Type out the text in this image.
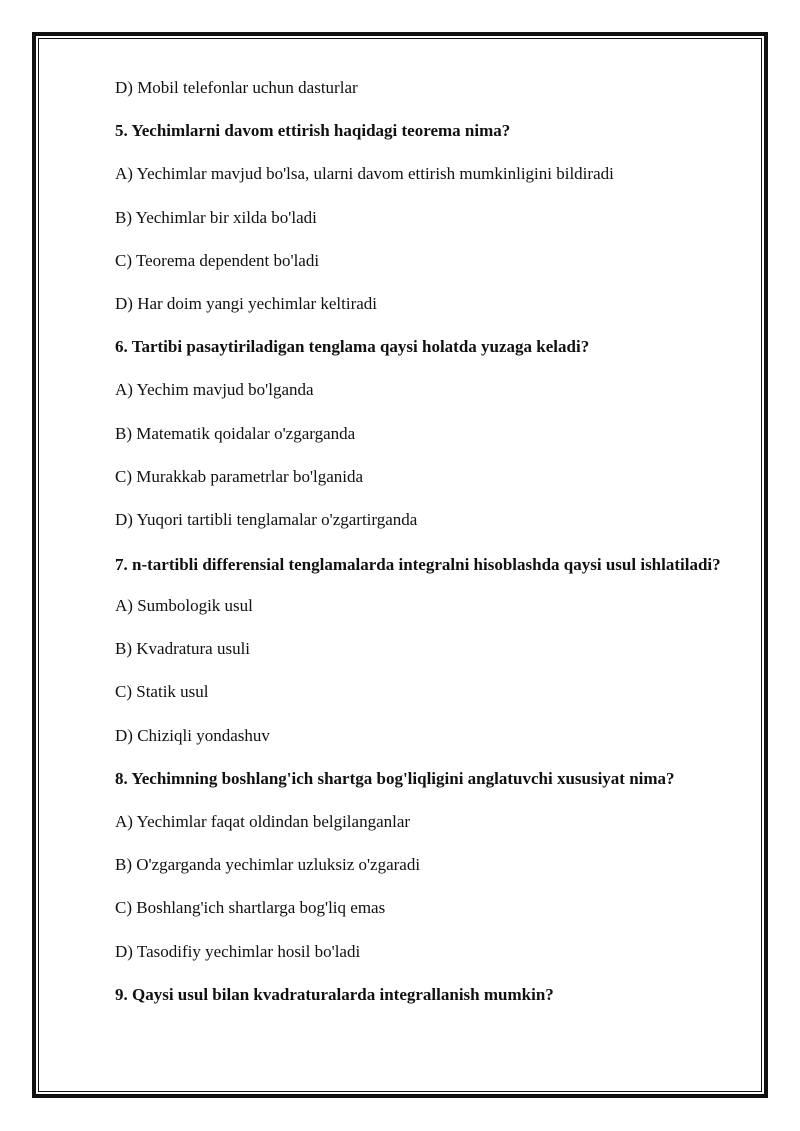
D) Mobil telefonlar uchun dasturlar
5. Yechimlarni davom ettirish haqidagi teorema nima?
A) Yechimlar mavjud bo'lsa, ularni davom ettirish mumkinligini bildiradi
B) Yechimlar bir xilda bo'ladi
C) Teorema dependent bo'ladi
D) Har doim yangi yechimlar keltiradi
6. Tartibi pasaytiriladigan tenglama qaysi holatda yuzaga keladi?
A) Yechim mavjud bo'lganda
B) Matematik qoidalar o'zgarganda
C) Murakkab parametrlar bo'lganida
D) Yuqori tartibli tenglamalar o'zgartirganda
7. n-tartibli differensial tenglamalarda integralni hisoblashda qaysi usul ishlatiladi?
A) Sumbologik usul
B) Kvadratura usuli
C) Statik usul
D) Chiziqli yondashuv
8. Yechimning boshlang'ich shartga bog'liqligini anglatuvchi xususiyat nima?
A) Yechimlar faqat oldindan belgilanganlar
B) O'zgarganda yechimlar uzluksiz o'zgaradi
C) Boshlang'ich shartlarga bog'liq emas
D) Tasodifiy yechimlar hosil bo'ladi
9. Qaysi usul bilan kvadraturalarda integrallanish mumkin?
